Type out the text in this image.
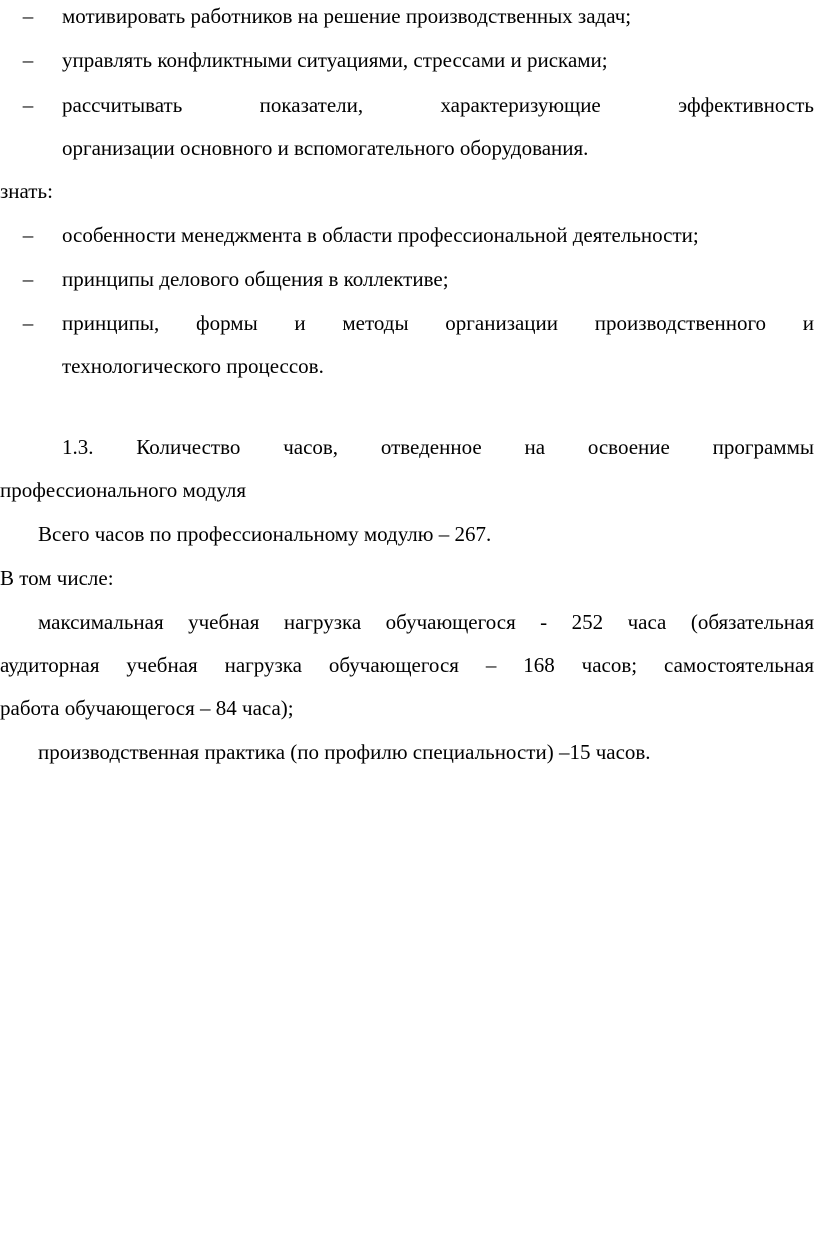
– мотивировать работников на решение производственных задач;
– управлять конфликтными ситуациями, стрессами и рисками;
– рассчитывать показатели, характеризующие эффективность
организации основного и вспомогательного оборудования.
знать:
– особенности менеджмента в области профессиональной деятельности;
– принципы делового общения в коллективе;
– принципы, формы и методы организации производственного и
технологического процессов.
1.3. Количество часов, отведенное на освоение программы
профессионального модуля
Всего часов по профессиональному модулю – 267.
В том числе:
максимальная учебная нагрузка обучающегося - 252 часа (обязательная
аудиторная учебная нагрузка обучающегося – 168 часов; самостоятельная
работа обучающегося – 84 часа);
производственная практика (по профилю специальности) –15 часов.
